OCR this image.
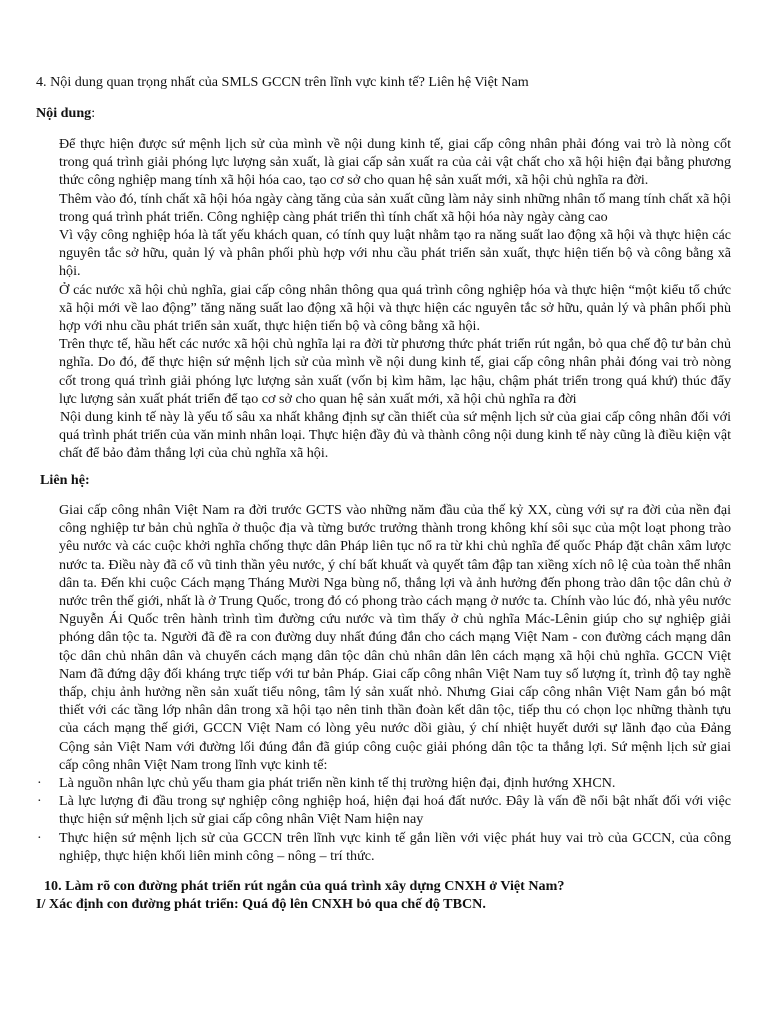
4. Nội dung quan trọng nhất của SMLS GCCN trên lĩnh vực kinh tế? Liên hệ Việt Nam
Nội dung:

Để thực hiện được sứ mệnh lịch sử của mình về nội dung kinh tế, giai cấp công nhân phải đóng vai trò là nòng cốt trong quá trình giải phóng lực lượng sản xuất, là giai cấp sản xuất ra của cải vật chất cho xã hội hiện đại bằng phương thức công nghiệp mang tính xã hội hóa cao, tạo cơ sở cho quan hệ sản xuất mới, xã hội chủ nghĩa ra đời.

Thêm vào đó, tính chất xã hội hóa ngày càng tăng của sản xuất cũng làm nảy sinh những nhân tố mang tính chất xã hội trong quá trình phát triển. Công nghiệp càng phát triển thì tính chất xã hội hóa này ngày càng cao

Vì vậy công nghiệp hóa là tất yếu khách quan, có tính quy luật nhằm tạo ra năng suất lao động xã hội và thực hiện các nguyên tắc sở hữu, quản lý và phân phối phù hợp với nhu cầu phát triển sản xuất, thực hiện tiến bộ và công bằng xã hội.

Ở các nước xã hội chủ nghĩa, giai cấp công nhân thông qua quá trình công nghiệp hóa và thực hiện “một kiểu tổ chức xã hội mới về lao động” tăng năng suất lao động xã hội và thực hiện các nguyên tắc sở hữu, quản lý và phân phối phù hợp với nhu cầu phát triển sản xuất, thực hiện tiến bộ và công bằng xã hội.

Trên thực tế, hầu hết các nước xã hội chủ nghĩa lại ra đời từ phương thức phát triển rút ngắn, bỏ qua chế độ tư bản chủ nghĩa. Do đó, để thực hiện sứ mệnh lịch sử của mình về nội dung kinh tế, giai cấp công nhân phải đóng vai trò nòng cốt trong quá trình giải phóng lực lượng sản xuất (vốn bị kìm hãm, lạc hậu, chậm phát triển trong quá khứ) thúc đẩy lực lượng sản xuất phát triển để tạo cơ sở cho quan hệ sản xuất mới, xã hội chủ nghĩa ra đời

Nội dung kinh tế này là yếu tố sâu xa nhất khẳng định sự cần thiết của sứ mệnh lịch sử của giai cấp công nhân đối với quá trình phát triển của văn minh nhân loại. Thực hiện đầy đủ và thành công nội dung kinh tế này cũng là điều kiện vật chất để bảo đảm thắng lợi của chủ nghĩa xã hội.

Liên hệ:

Giai cấp công nhân Việt Nam ra đời trước GCTS vào những năm đầu của thế kỷ XX, cùng với sự ra đời của nền đại công nghiệp tư bản chủ nghĩa ở thuộc địa và từng bước trưởng thành trong không khí sôi sục của một loạt phong trào yêu nước và các cuộc khởi nghĩa chống thực dân Pháp liên tục nổ ra từ khi chủ nghĩa đế quốc Pháp đặt chân xâm lược nước ta. Điều này đã cổ vũ tinh thần yêu nước, ý chí bất khuất và quyết tâm đập tan xiềng xích nô lệ của toàn thể nhân dân ta. Đến khi cuộc Cách mạng Tháng Mười Nga bùng nổ, thắng lợi và ảnh hưởng đến phong trào dân tộc dân chủ ở nước trên thế giới, nhất là ở Trung Quốc, trong đó có phong trào cách mạng ở nước ta. Chính vào lúc đó, nhà yêu nước Nguyễn Ái Quốc trên hành trình tìm đường cứu nước và tìm thấy ở chủ nghĩa Mác-Lênin giúp cho sự nghiệp giải phóng dân tộc ta. Người đã đề ra con đường duy nhất đúng đắn cho cách mạng Việt Nam - con đường cách mạng dân tộc dân chủ nhân dân và chuyển cách mạng dân tộc dân chủ nhân dân lên cách mạng xã hội chủ nghĩa. GCCN Việt Nam đã đứng dậy đối kháng trực tiếp với tư bản Pháp. Giai cấp công nhân Việt Nam tuy số lượng ít, trình độ tay nghề thấp, chịu ảnh hưởng nền sản xuất tiểu nông, tâm lý sản xuất nhỏ. Nhưng Giai cấp công nhân Việt Nam gắn bó mật thiết với các tầng lớp nhân dân trong xã hội tạo nên tinh thần đoàn kết dân tộc, tiếp thu có chọn lọc những thành tựu của cách mạng thế giới, GCCN Việt Nam có lòng yêu nước dồi giàu, ý chí nhiệt huyết dưới sự lãnh đạo của Đảng Cộng sản Việt Nam với đường lối đúng đắn đã giúp công cuộc giải phóng dân tộc ta thắng lợi. Sứ mệnh lịch sử giai cấp công nhân Việt Nam trong lĩnh vực kinh tế:

· Là nguồn nhân lực chủ yếu tham gia phát triển nền kinh tế thị trường hiện đại, định hướng XHCN.

· Là lực lượng đi đầu trong sự nghiệp công nghiệp hoá, hiện đại hoá đất nước. Đây là vấn đề nổi bật nhất đối với việc thực hiện sứ mệnh lịch sử giai cấp công nhân Việt Nam hiện nay

· Thực hiện sứ mệnh lịch sử của GCCN trên lĩnh vực kinh tế gắn liền với việc phát huy vai trò của GCCN, của công nghiệp, thực hiện khối liên minh công – nông – trí thức.

10. Làm rõ con đường phát triển rút ngắn của quá trình xây dựng CNXH ở Việt Nam?
I/ Xác định con đường phát triển: Quá độ lên CNXH bỏ qua chế độ TBCN.
